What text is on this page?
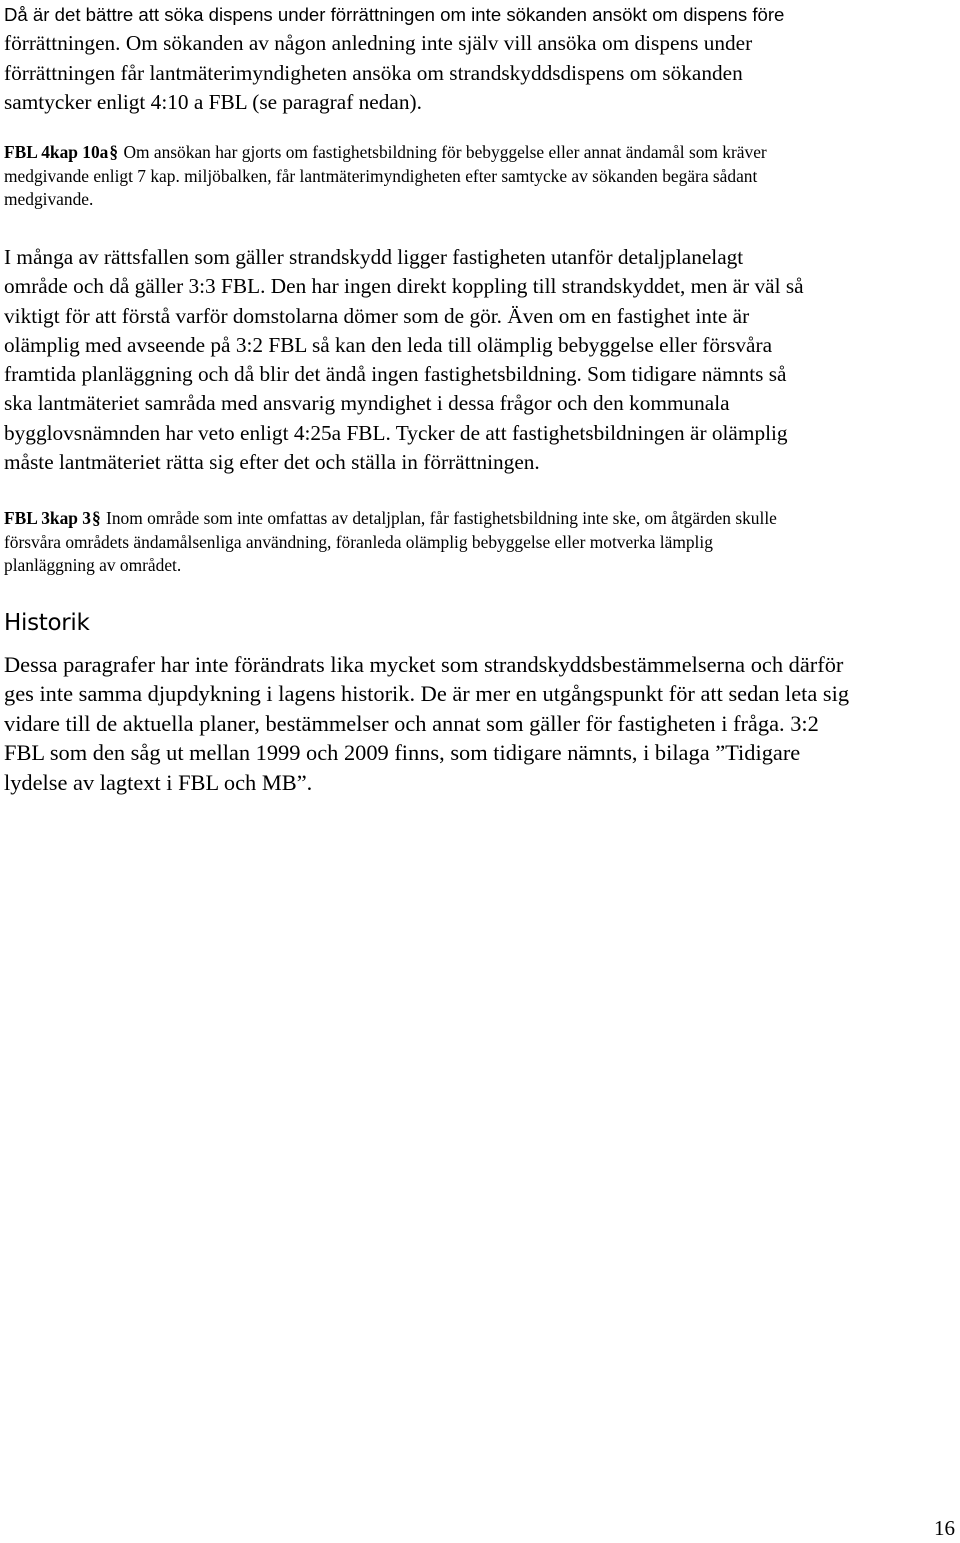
Då är det bättre att söka dispens under förrättningen om inte sökanden ansökt om dispens före
förrättningen. Om sökanden av någon anledning inte själv vill ansöka om dispens under
förrättningen får lantmäterimyndigheten ansöka om strandskyddsdispens om sökanden
samtycker enligt 4:10 a FBL (se paragraf nedan).

FBL 4kap 10a§ Om ansökan har gjorts om fastighetsbildning för bebyggelse eller annat ändamål som kräver
medgivande enligt 7 kap. miljöbalken, får lantmäterimyndigheten efter samtycke av sökanden begära sådant
medgivande.

I många av rättsfallen som gäller strandskydd ligger fastigheten utanför detaljplanelagt
område och då gäller 3:3 FBL. Den har ingen direkt koppling till strandskyddet, men är väl så
viktigt för att förstå varför domstolarna dömer som de gör. Även om en fastighet inte är
olämplig med avseende på 3:2 FBL så kan den leda till olämplig bebyggelse eller försvåra
framtida planläggning och då blir det ändå ingen fastighetsbildning. Som tidigare nämnts så
ska lantmäteriet samråda med ansvarig myndighet i dessa frågor och den kommunala
bygglovsnämnden har veto enligt 4:25a FBL. Tycker de att fastighetsbildningen är olämplig
måste lantmäteriet rätta sig efter det och ställa in förrättningen.

FBL 3kap 3§ Inom område som inte omfattas av detaljplan, får fastighetsbildning inte ske, om åtgärden skulle
försvåra områdets ändamålsenliga användning, föranleda olämplig bebyggelse eller motverka lämplig
planläggning av området.

Historik

Dessa paragrafer har inte förändrats lika mycket som strandskyddsbestämmelserna och därför
ges inte samma djupdykning i lagens historik. De är mer en utgångspunkt för att sedan leta sig
vidare till de aktuella planer, bestämmelser och annat som gäller för fastigheten i fråga. 3:2
FBL som den såg ut mellan 1999 och 2009 finns, som tidigare nämnts, i bilaga ”Tidigare
lydelse av lagtext i FBL och MB”.

16
